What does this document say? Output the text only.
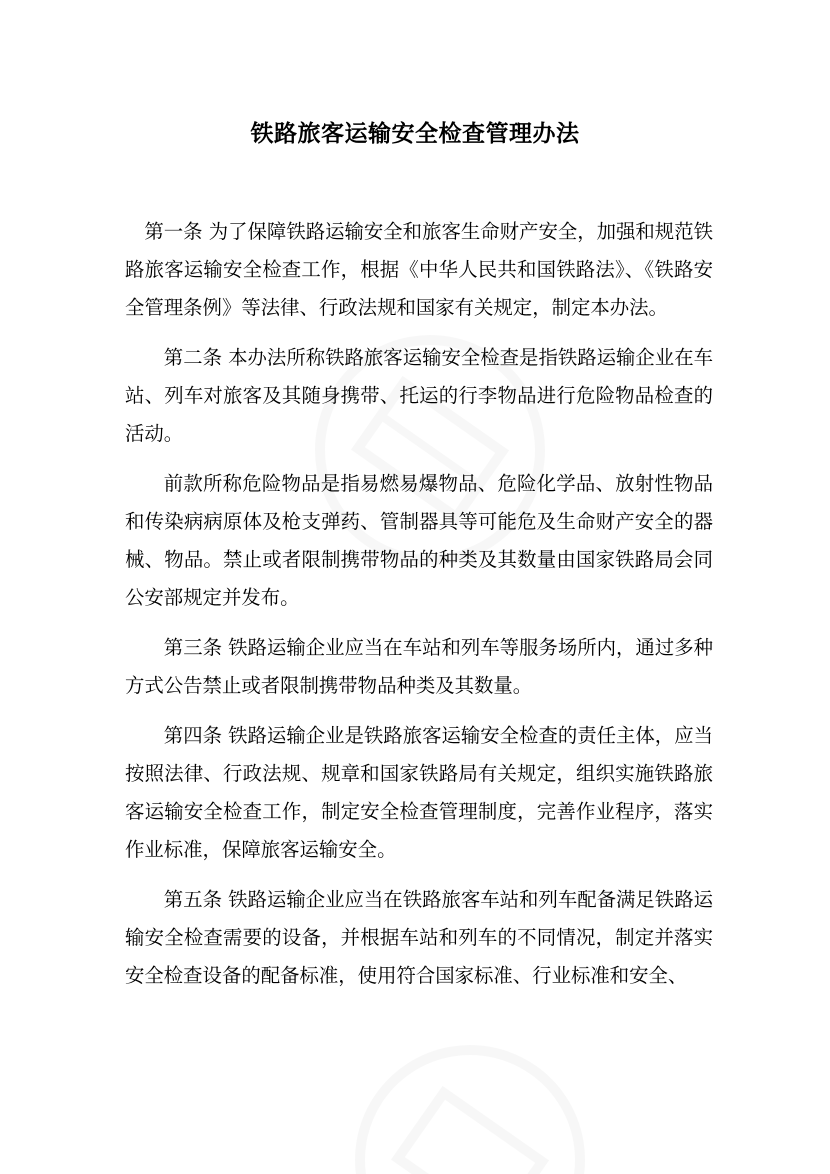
铁路旅客运输安全检查管理办法

第一条 为了保障铁路运输安全和旅客生命财产安全，加强和规范铁路旅客运输安全检查工作，根据《中华人民共和国铁路法》、《铁路安全管理条例》等法律、行政法规和国家有关规定，制定本办法。

第二条 本办法所称铁路旅客运输安全检查是指铁路运输企业在车站、列车对旅客及其随身携带、托运的行李物品进行危险物品检查的活动。

前款所称危险物品是指易燃易爆物品、危险化学品、放射性物品和传染病病原体及枪支弹药、管制器具等可能危及生命财产安全的器械、物品。禁止或者限制携带物品的种类及其数量由国家铁路局会同公安部规定并发布。

第三条 铁路运输企业应当在车站和列车等服务场所内，通过多种方式公告禁止或者限制携带物品种类及其数量。

第四条 铁路运输企业是铁路旅客运输安全检查的责任主体，应当按照法律、行政法规、规章和国家铁路局有关规定，组织实施铁路旅客运输安全检查工作，制定安全检查管理制度，完善作业程序，落实作业标准，保障旅客运输安全。

第五条 铁路运输企业应当在铁路旅客车站和列车配备满足铁路运输安全检查需要的设备，并根据车站和列车的不同情况，制定并落实安全检查设备的配备标准，使用符合国家标准、行业标准和安全、
